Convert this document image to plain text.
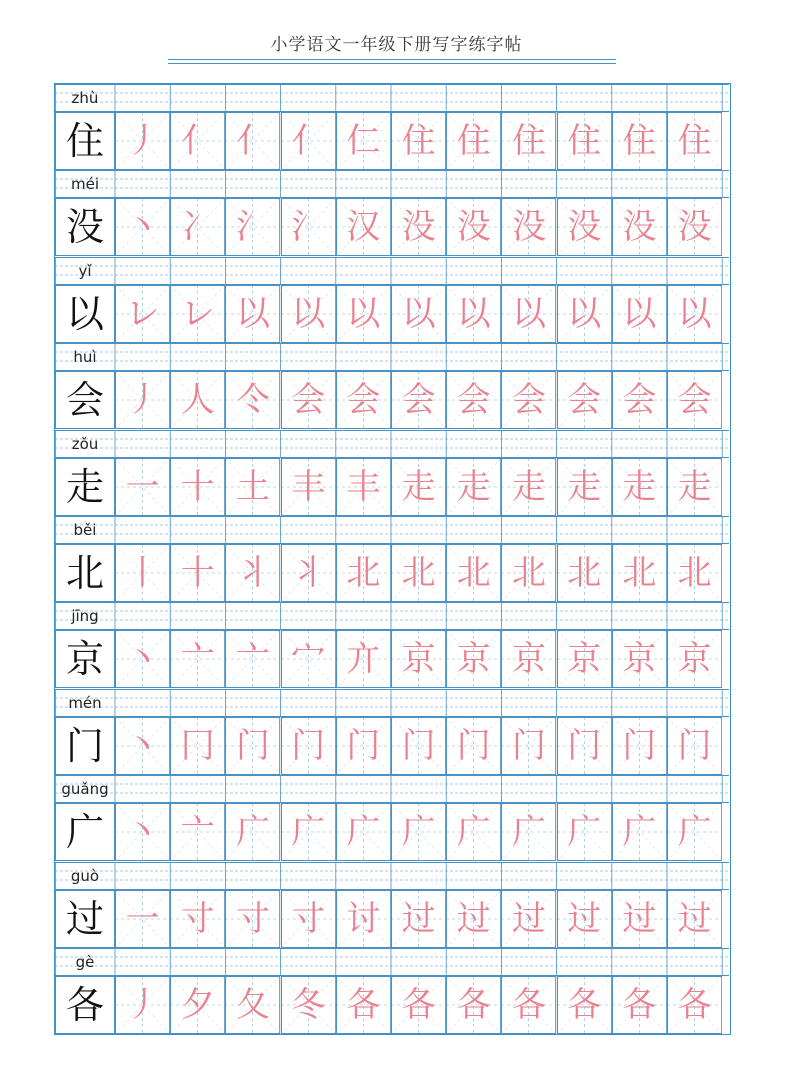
小学语文一年级下册写字练字帖
zhù
住 丿 亻 亻 亻 仁 住 住 住 住 住 住
méi
没 丶 冫 氵 氵 汉 没 没 没 没 没 没
yǐ
以 レ レ 以 以 以 以 以 以 以 以 以
huì
会 丿 人 仒 会 会 会 会 会 会 会 会
zǒu
走 一 十 土 丰 丰 走 走 走 走 走 走
běi
北 丨 十 丬 丬 北 北 北 北 北 北 北
jīng
京 丶 亠 亠 宀 亣 京 京 京 京 京 京
mén
门 丶 冂 门 门 门 门 门 门 门 门 门
guǎng
广 丶 亠 广 广 广 广 广 广 广 广 广
guò
过 一 寸 寸 寸 讨 过 过 过 过 过 过
gè
各 丿 夕 夂 冬 各 各 各 各 各 各 各
